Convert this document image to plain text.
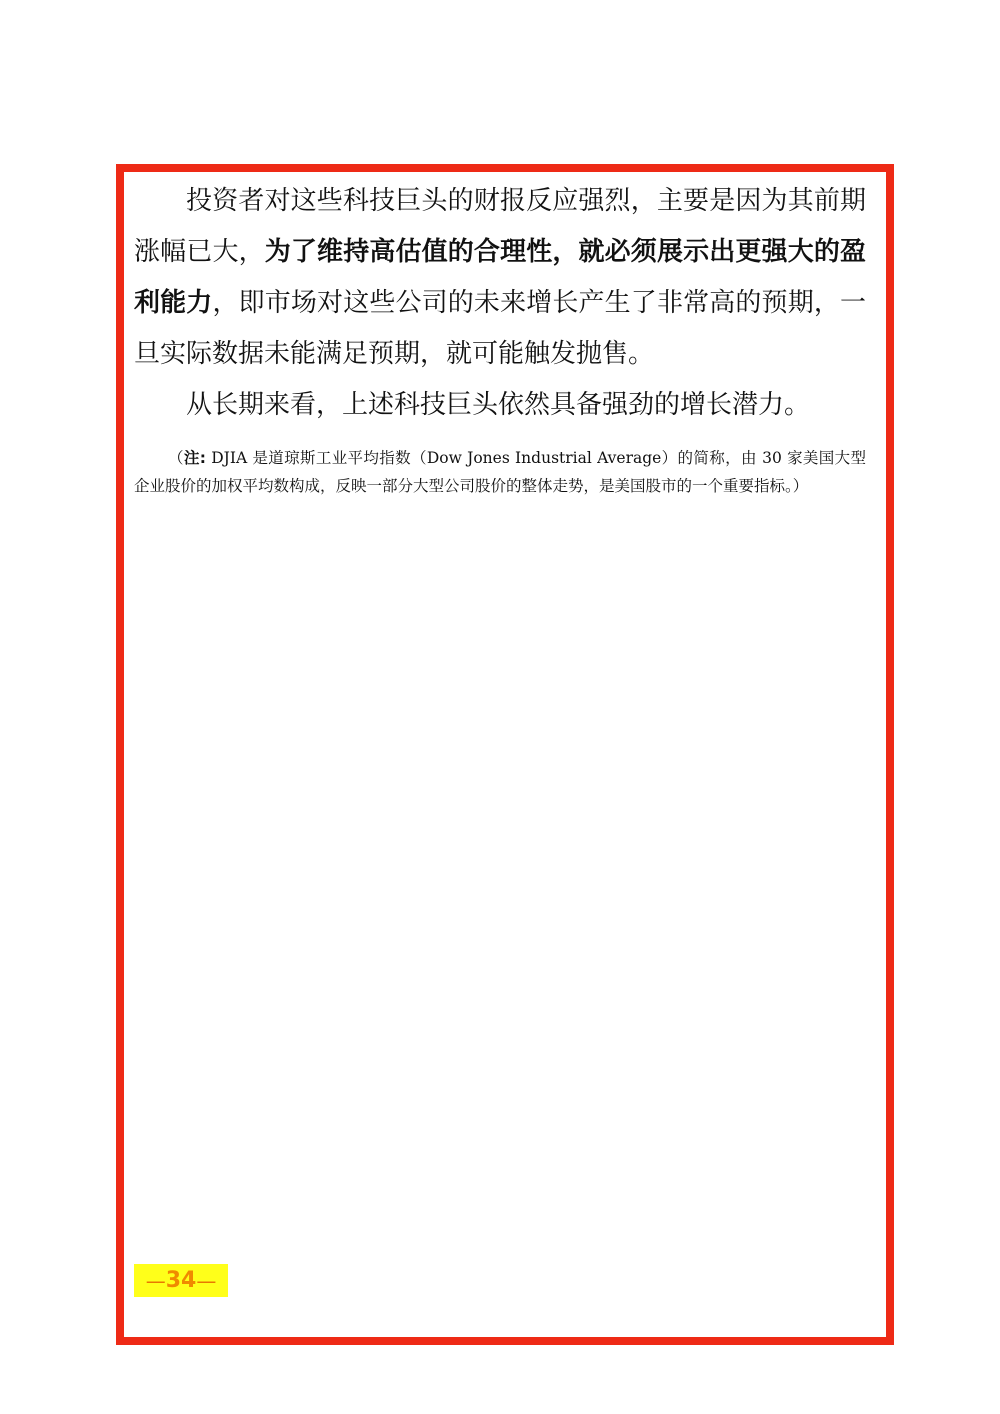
投资者对这些科技巨头的财报反应强烈，主要是因为其前期涨幅已大，为了维持高估值的合理性，就必须展示出更强大的盈利能力，即市场对这些公司的未来增长产生了非常高的预期，一旦实际数据未能满足预期，就可能触发抛售。

从长期来看，上述科技巨头依然具备强劲的增长潜力。

（注: DJIA 是道琼斯工业平均指数（Dow Jones Industrial Average）的简称，由 30 家美国大型企业股价的加权平均数构成，反映一部分大型公司股价的整体走势，是美国股市的一个重要指标。）

— 34 —
